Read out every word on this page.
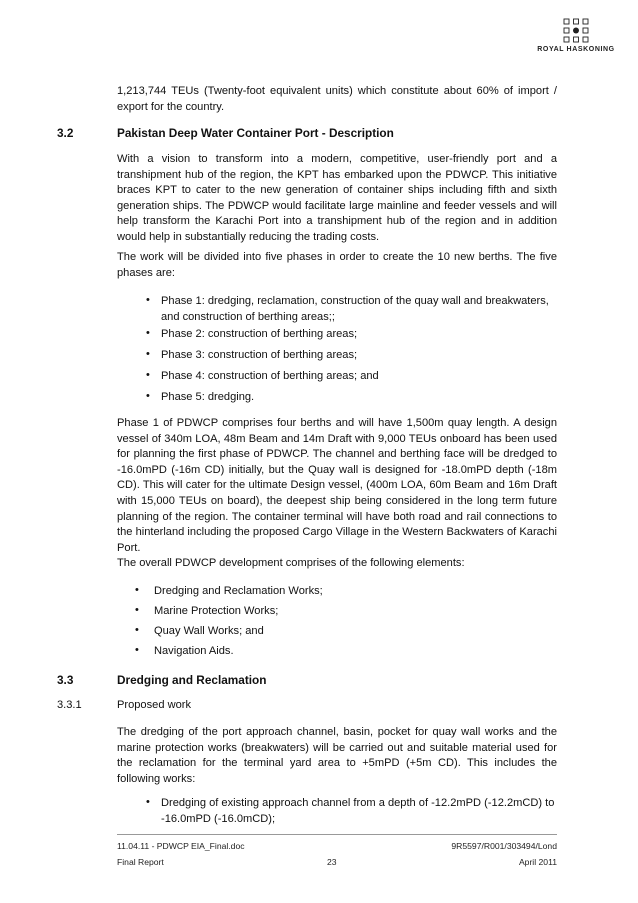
ROYAL HASKONING
1,213,744 TEUs (Twenty-foot equivalent units) which constitute about 60% of import / export for the country.
3.2	Pakistan Deep Water Container Port - Description
With a vision to transform into a modern, competitive, user-friendly port and a transhipment hub of the region, the KPT has embarked upon the PDWCP. This initiative braces KPT to cater to the new generation of container ships including fifth and sixth generation ships. The PDWCP would facilitate large mainline and feeder vessels and will help transform the Karachi Port into a transhipment hub of the region and in addition would help in substantially reducing the trading costs.
The work will be divided into five phases in order to create the 10 new berths. The five phases are:
• Phase 1: dredging, reclamation, construction of the quay wall and breakwaters, and construction of berthing areas;;
• Phase 2: construction of berthing areas;
• Phase 3: construction of berthing areas;
• Phase 4: construction of berthing areas; and
• Phase 5: dredging.
Phase 1 of PDWCP comprises four berths and will have 1,500m quay length. A design vessel of 340m LOA, 48m Beam and 14m Draft with 9,000 TEUs onboard has been used for planning the first phase of PDWCP. The channel and berthing face will be dredged to -16.0mPD (-16m CD) initially, but the Quay wall is designed for -18.0mPD depth (-18m CD). This will cater for the ultimate Design vessel, (400m LOA, 60m Beam and 16m Draft with 15,000 TEUs on board), the deepest ship being considered in the long term future planning of the region. The container terminal will have both road and rail connections to the hinterland including the proposed Cargo Village in the Western Backwaters of Karachi Port.
The overall PDWCP development comprises of the following elements:
• Dredging and Reclamation Works;
• Marine Protection Works;
• Quay Wall Works; and
• Navigation Aids.
3.3	Dredging and Reclamation
3.3.1	Proposed work
The dredging of the port approach channel, basin, pocket for quay wall works and the marine protection works (breakwaters) will be carried out and suitable material used for the reclamation for the terminal yard area to +5mPD (+5m CD). This includes the following works:
• Dredging of existing approach channel from a depth of -12.2mPD (-12.2mCD) to -16.0mPD (-16.0mCD);
11.04.11 - PDWCP EIA_Final.doc	9R5597/R001/303494/Lond
Final Report	23	April 2011
